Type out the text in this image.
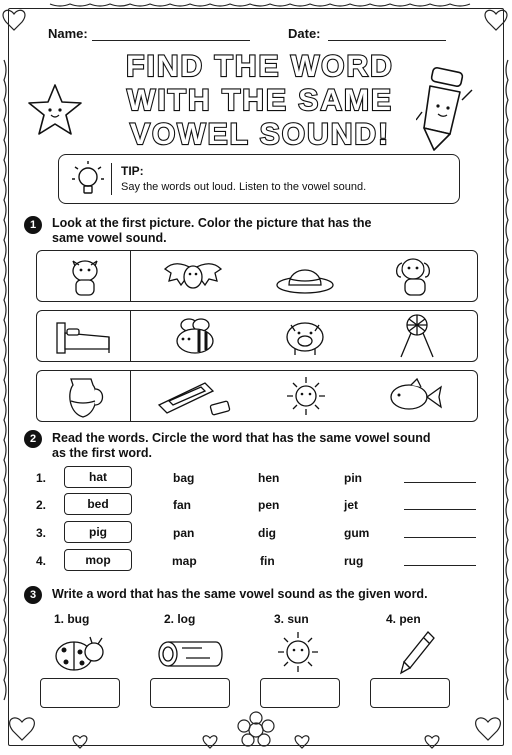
Name:	Date:
FIND THE WORD
WITH THE SAME
VOWEL SOUND!
TIP:
Say the words out loud. Listen to the vowel sound.
1	Look at the first picture. Color the picture that has the
same vowel sound.
2	Read the words. Circle the word that has the same vowel sound
as the first word.
1.	hat	bag	hen	pin
2.	bed	fan	pen	jet
3.	pig	pan	dig	gum
4.	mop	map	fin	rug
3	Write a word that has the same vowel sound as the given word.
1. bug	2. log	3. sun	4. pen
